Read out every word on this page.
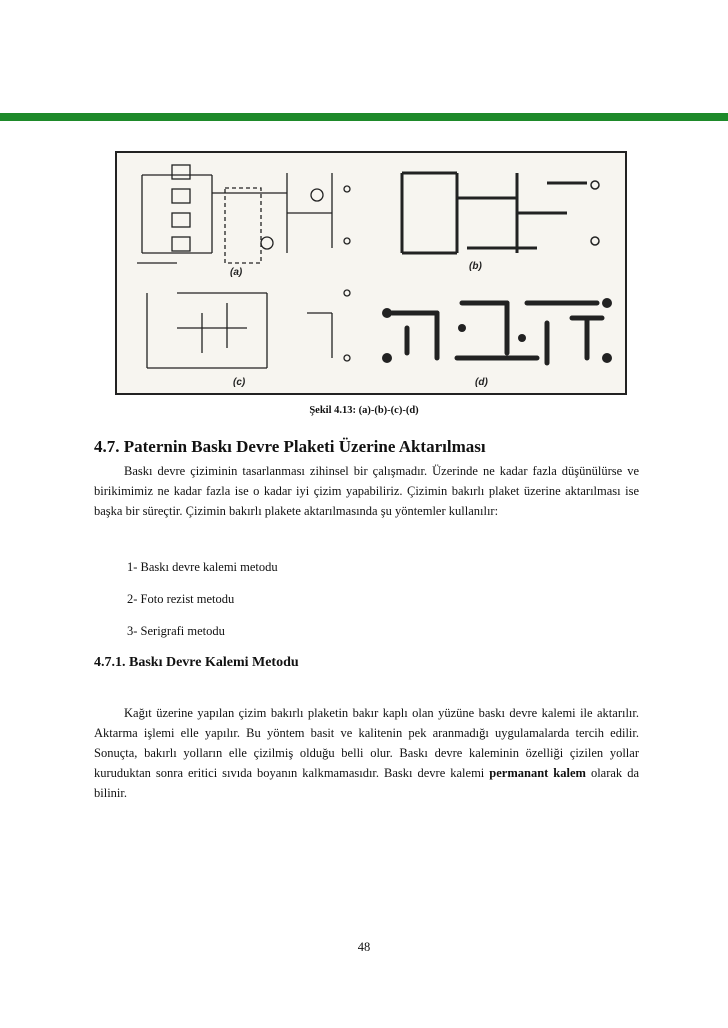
(a)
(b)
(c)	(d)
Şekil 4.13: (a)-(b)-(c)-(d)
4.7. Paternin Baskı Devre Plaketi Üzerine Aktarılması

Baskı devre çiziminin tasarlanması zihinsel bir çalışmadır. Üzerinde ne kadar fazla düşünülürse ve birikimimiz ne kadar fazla ise o kadar iyi çizim yapabiliriz. Çizimin bakırlı plaket üzerine aktarılması ise başka bir süreçtir. Çizimin bakırlı plakete aktarılmasında şu yöntemler kullanılır:

1- Baskı devre kalemi metodu

2- Foto rezist metodu

3- Serigrafi metodu

4.7.1. Baskı Devre Kalemi Metodu

Kağıt üzerine yapılan çizim bakırlı plaketin bakır kaplı olan yüzüne baskı devre kalemi ile aktarılır. Aktarma işlemi elle yapılır. Bu yöntem basit ve kalitenin pek aranmadığı uygulamalarda tercih edilir. Sonuçta, bakırlı yolların elle çizilmiş olduğu belli olur. Baskı devre kaleminin özelliği çizilen yollar kuruduktan sonra eritici sıvıda boyanın kalkmamasıdır. Baskı devre kalemi permanant kalem olarak da bilinir.

48
